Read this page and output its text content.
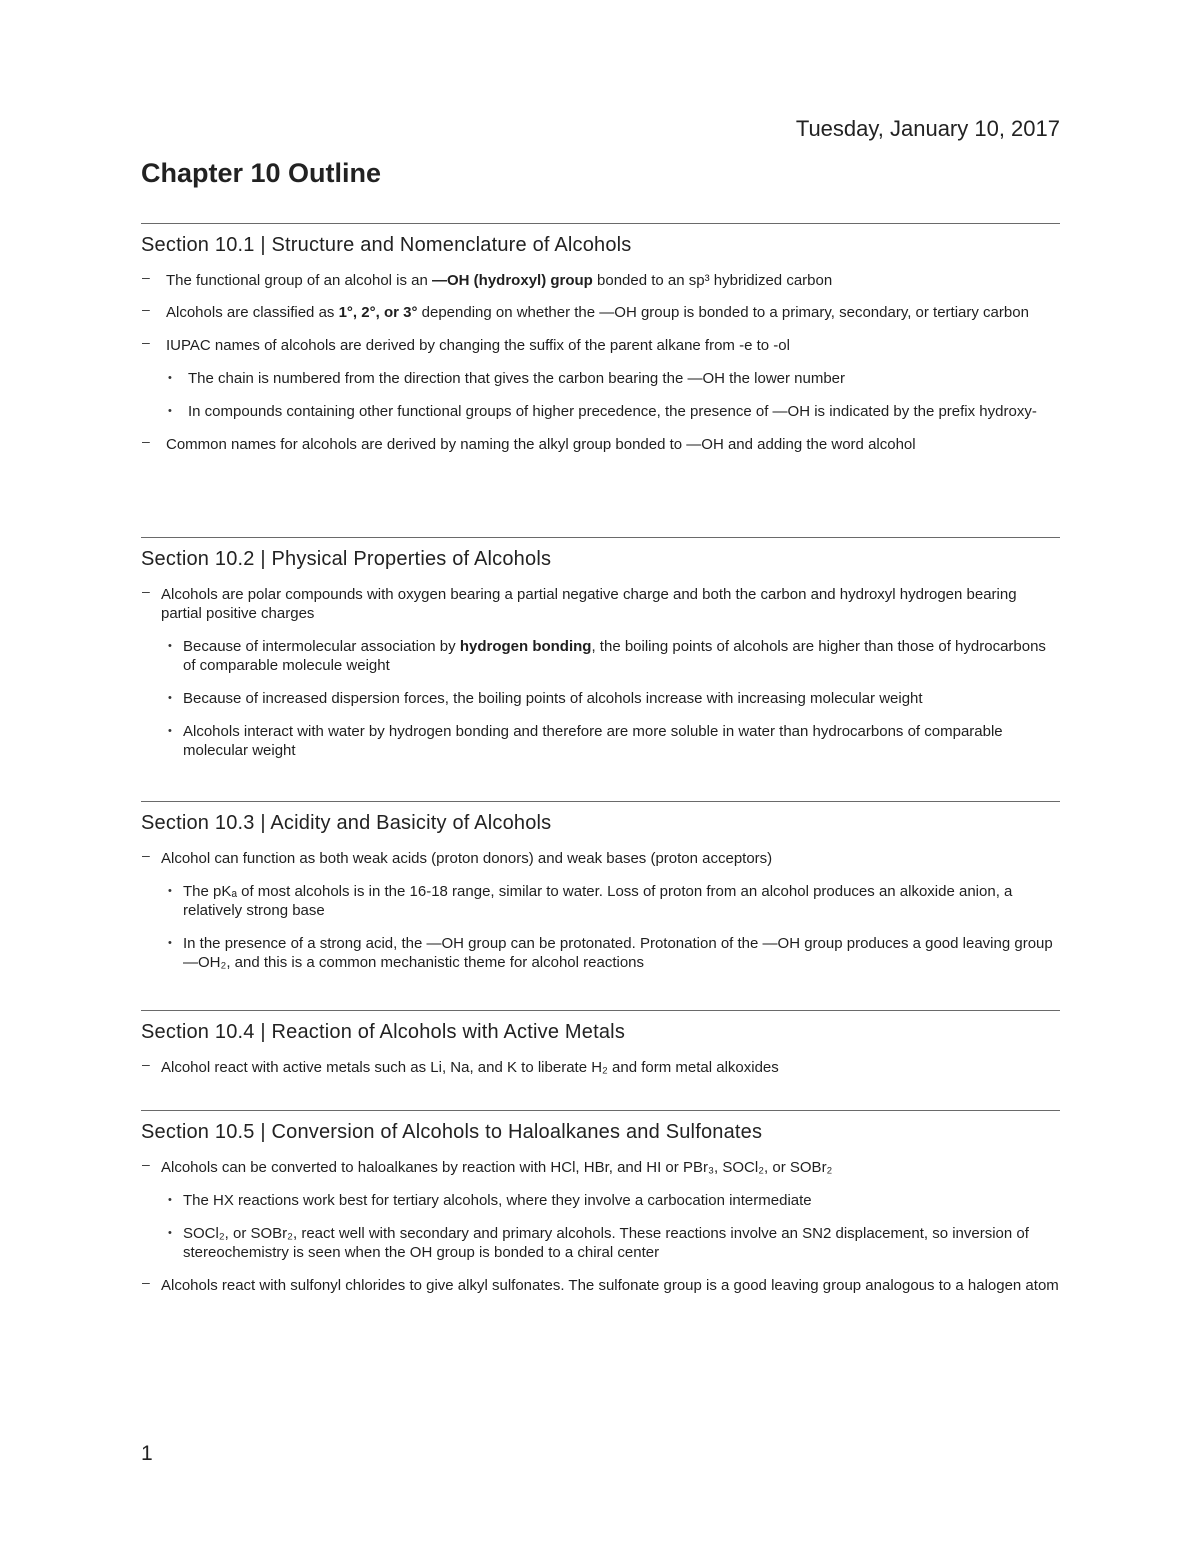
Tuesday, January 10, 2017
Chapter 10 Outline
Section 10.1 | Structure and Nomenclature of Alcohols
– The functional group of an alcohol is an —OH (hydroxyl) group bonded to an sp³ hybridized carbon
– Alcohols are classified as 1°, 2°, or 3° depending on whether the —OH group is bonded to a primary, secondary, or tertiary carbon
– IUPAC names of alcohols are derived by changing the suffix of the parent alkane from -e to -ol
• The chain is numbered from the direction that gives the carbon bearing the —OH the lower number
• In compounds containing other functional groups of higher precedence, the presence of —OH is indicated by the prefix hydroxy-
– Common names for alcohols are derived by naming the alkyl group bonded to —OH and adding the word alcohol
Section 10.2 | Physical Properties of Alcohols
– Alcohols are polar compounds with oxygen bearing a partial negative charge and both the carbon and hydroxyl hydrogen bearing partial positive charges
• Because of intermolecular association by hydrogen bonding, the boiling points of alcohols are higher than those of hydrocarbons of comparable molecule weight
• Because of increased dispersion forces, the boiling points of alcohols increase with increasing molecular weight
• Alcohols interact with water by hydrogen bonding and therefore are more soluble in water than hydrocarbons of comparable molecular weight
Section 10.3 | Acidity and Basicity of Alcohols
– Alcohol can function as both weak acids (proton donors) and weak bases (proton acceptors)
• The pKₐ of most alcohols is in the 16-18 range, similar to water. Loss of proton from an alcohol produces an alkoxide anion, a relatively strong base
• In the presence of a strong acid, the —OH group can be protonated. Protonation of the —OH group produces a good leaving group —OH₂, and this is a common mechanistic theme for alcohol reactions
Section 10.4 | Reaction of Alcohols with Active Metals
– Alcohol react with active metals such as Li, Na, and K to liberate H₂ and form metal alkoxides
Section 10.5 | Conversion of Alcohols to Haloalkanes and Sulfonates
– Alcohols can be converted to haloalkanes by reaction with HCl, HBr, and HI or PBr₃, SOCl₂, or SOBr₂
• The HX reactions work best for tertiary alcohols, where they involve a carbocation intermediate
• SOCl₂, or SOBr₂, react well with secondary and primary alcohols. These reactions involve an SN2 displacement, so inversion of stereochemistry is seen when the OH group is bonded to a chiral center
– Alcohols react with sulfonyl chlorides to give alkyl sulfonates. The sulfonate group is a good leaving group analogous to a halogen atom
1
